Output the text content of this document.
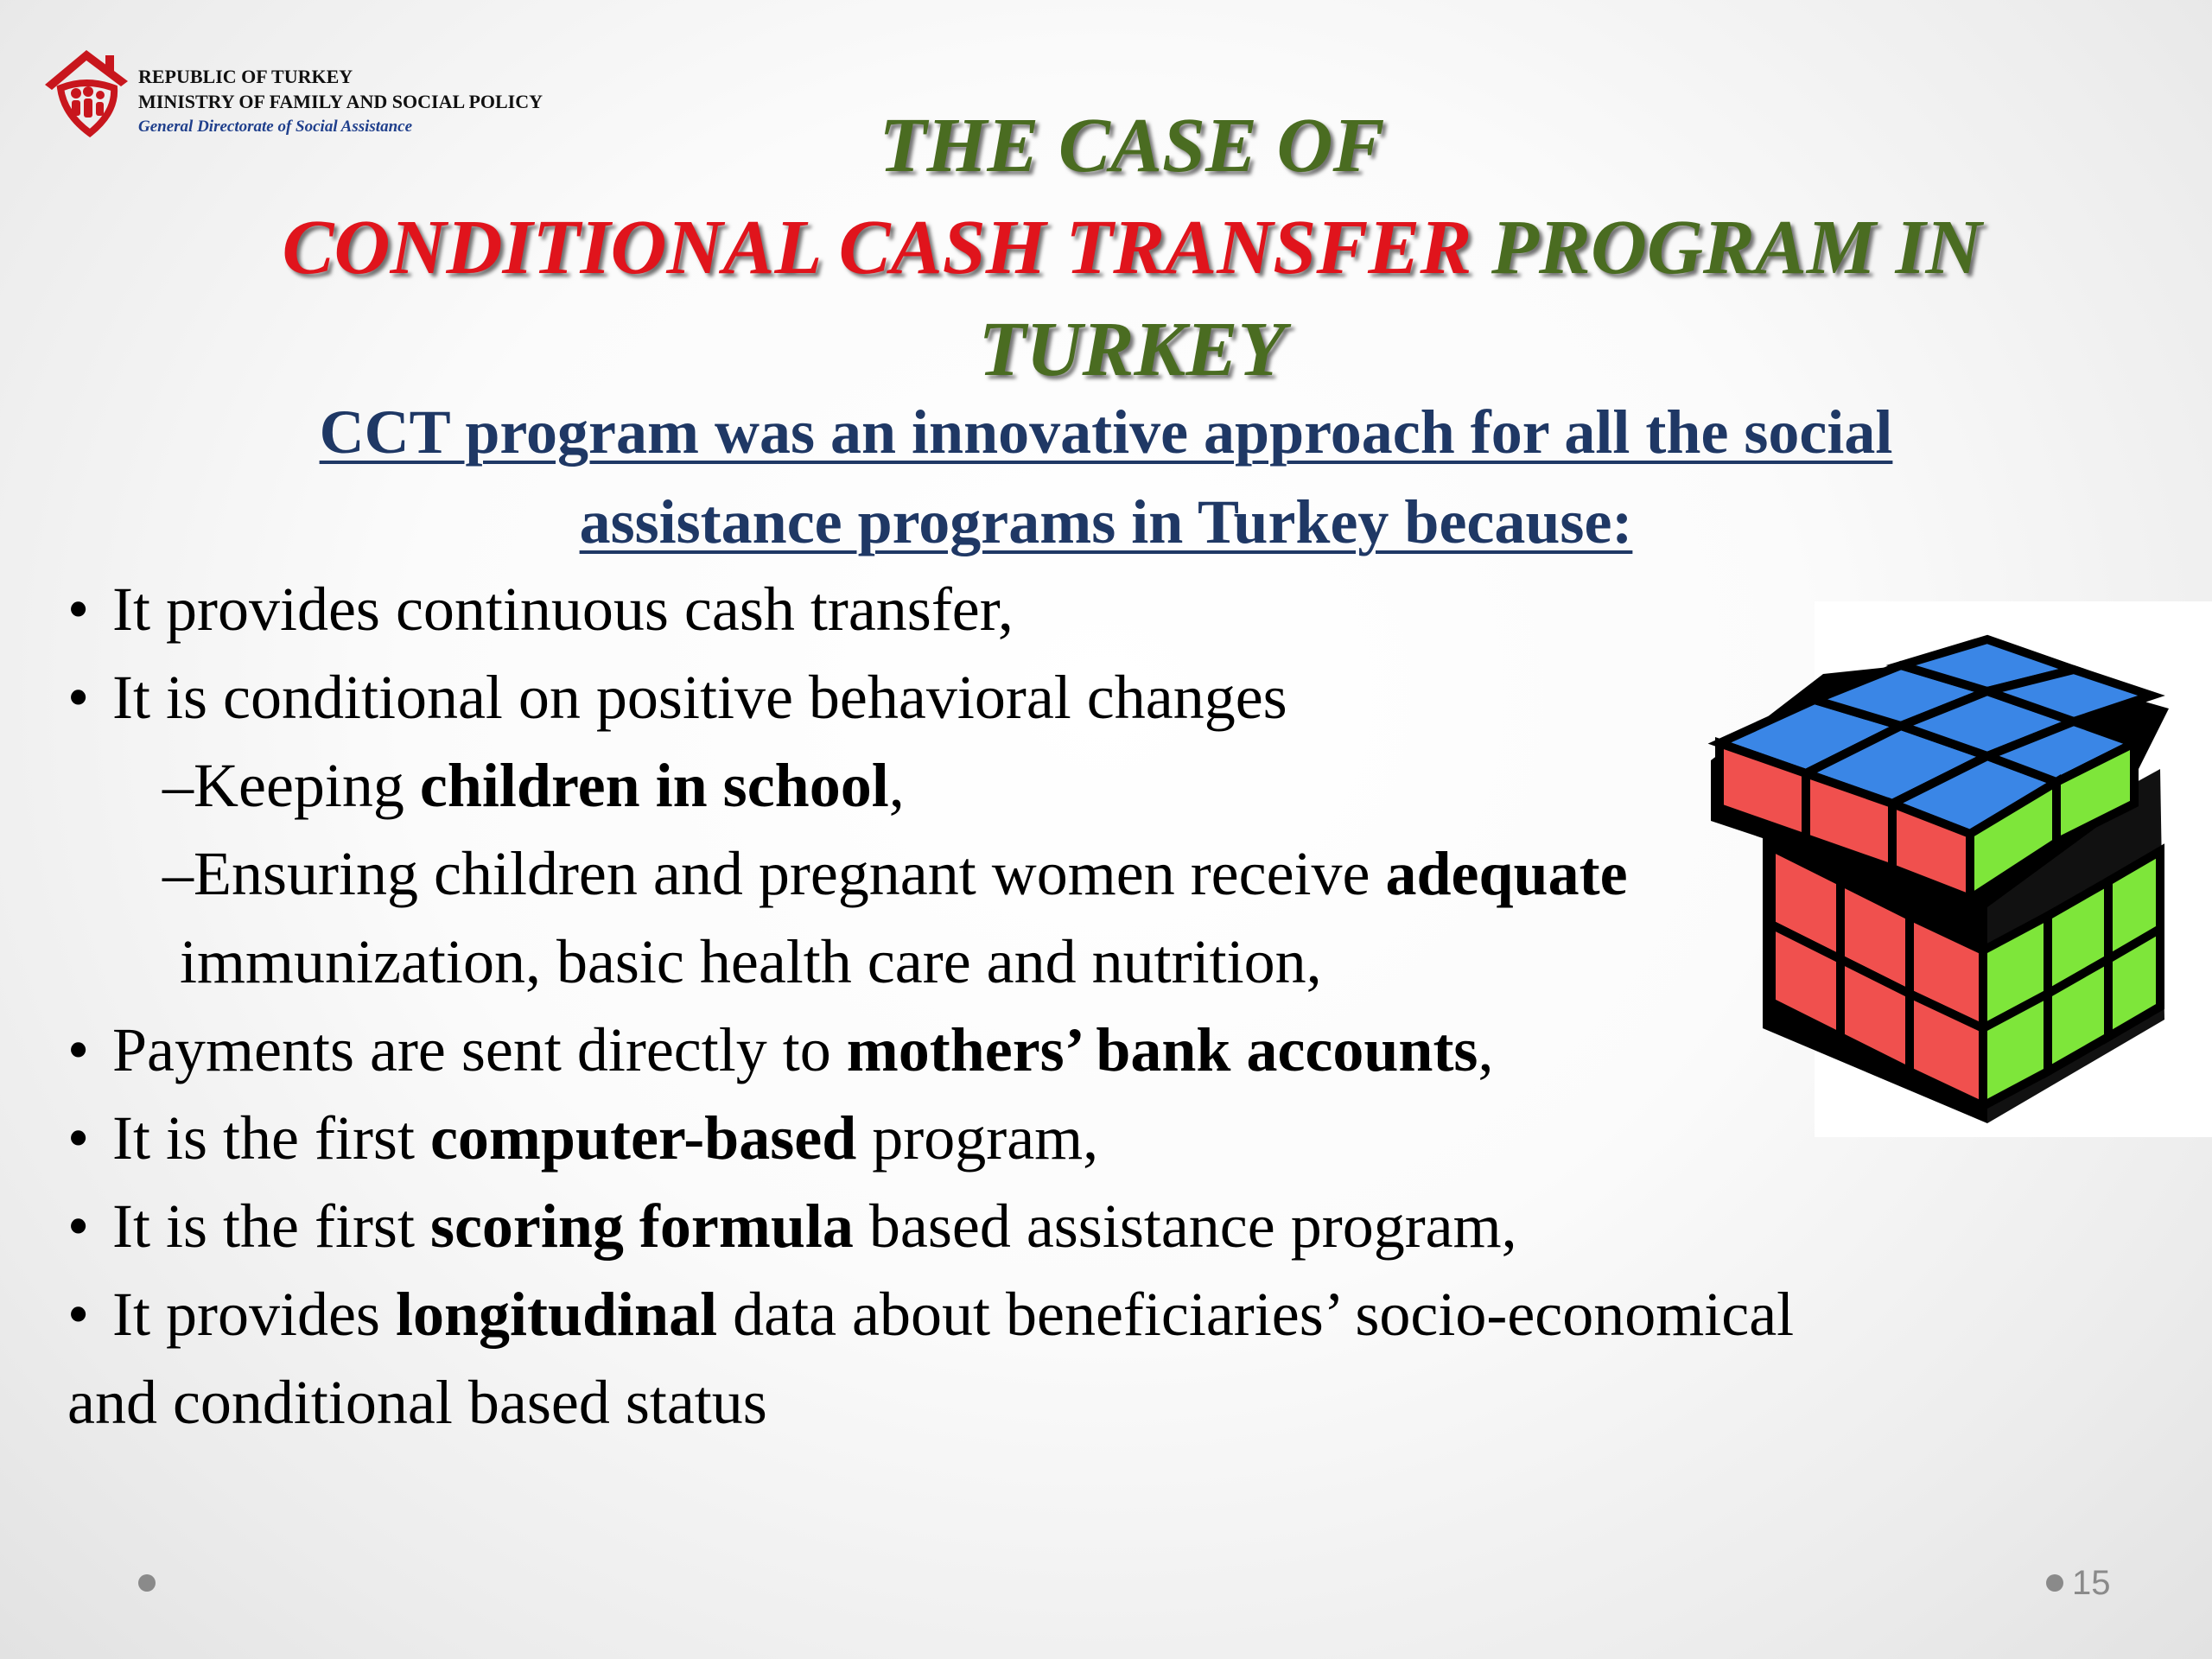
REPUBLIC OF TURKEY
MINISTRY OF FAMILY AND SOCIAL POLICY
General Directorate of Social Assistance	THE CASE OF
CONDITIONAL CASH TRANSFER PROGRAM IN
TURKEY
CCT program was an innovative approach for all the social
assistance programs in Turkey because:
• It provides continuous cash transfer,
• It is conditional on positive behavioral changes
–Keeping children in school,
–Ensuring children and pregnant women receive adequate
immunization, basic health care and nutrition,
• Payments are sent directly to mothers’ bank accounts,
• It is the first computer-based program,
• It is the first scoring formula based assistance program,
• It provides longitudinal data about beneficiaries’ socio-economical
and conditional based status
15
